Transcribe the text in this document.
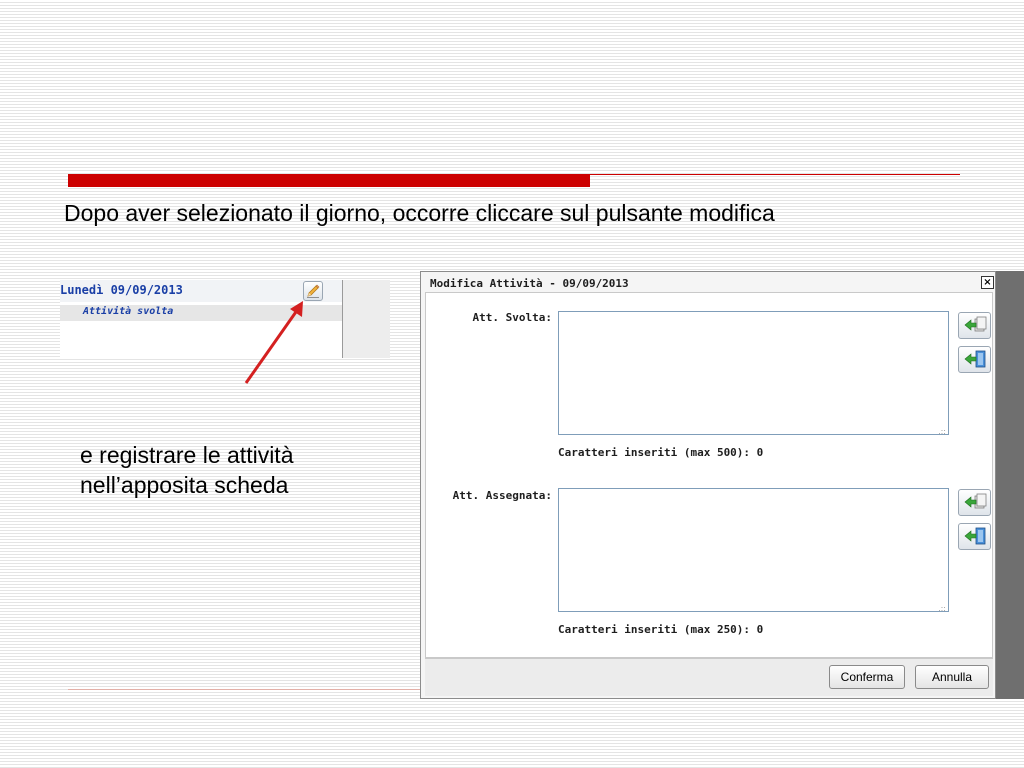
Dopo aver selezionato il giorno, occorre cliccare sul pulsante modifica
e registrare le attività nell’apposita scheda
Lunedì 09/09/2013
Attività svolta
Modifica Attività - 09/09/2013	×
Att. Svolta:
.::
Caratteri inseriti (max 500): 0
Att. Assegnata:
.::
Caratteri inseriti (max 250): 0
Conferma	Annulla
